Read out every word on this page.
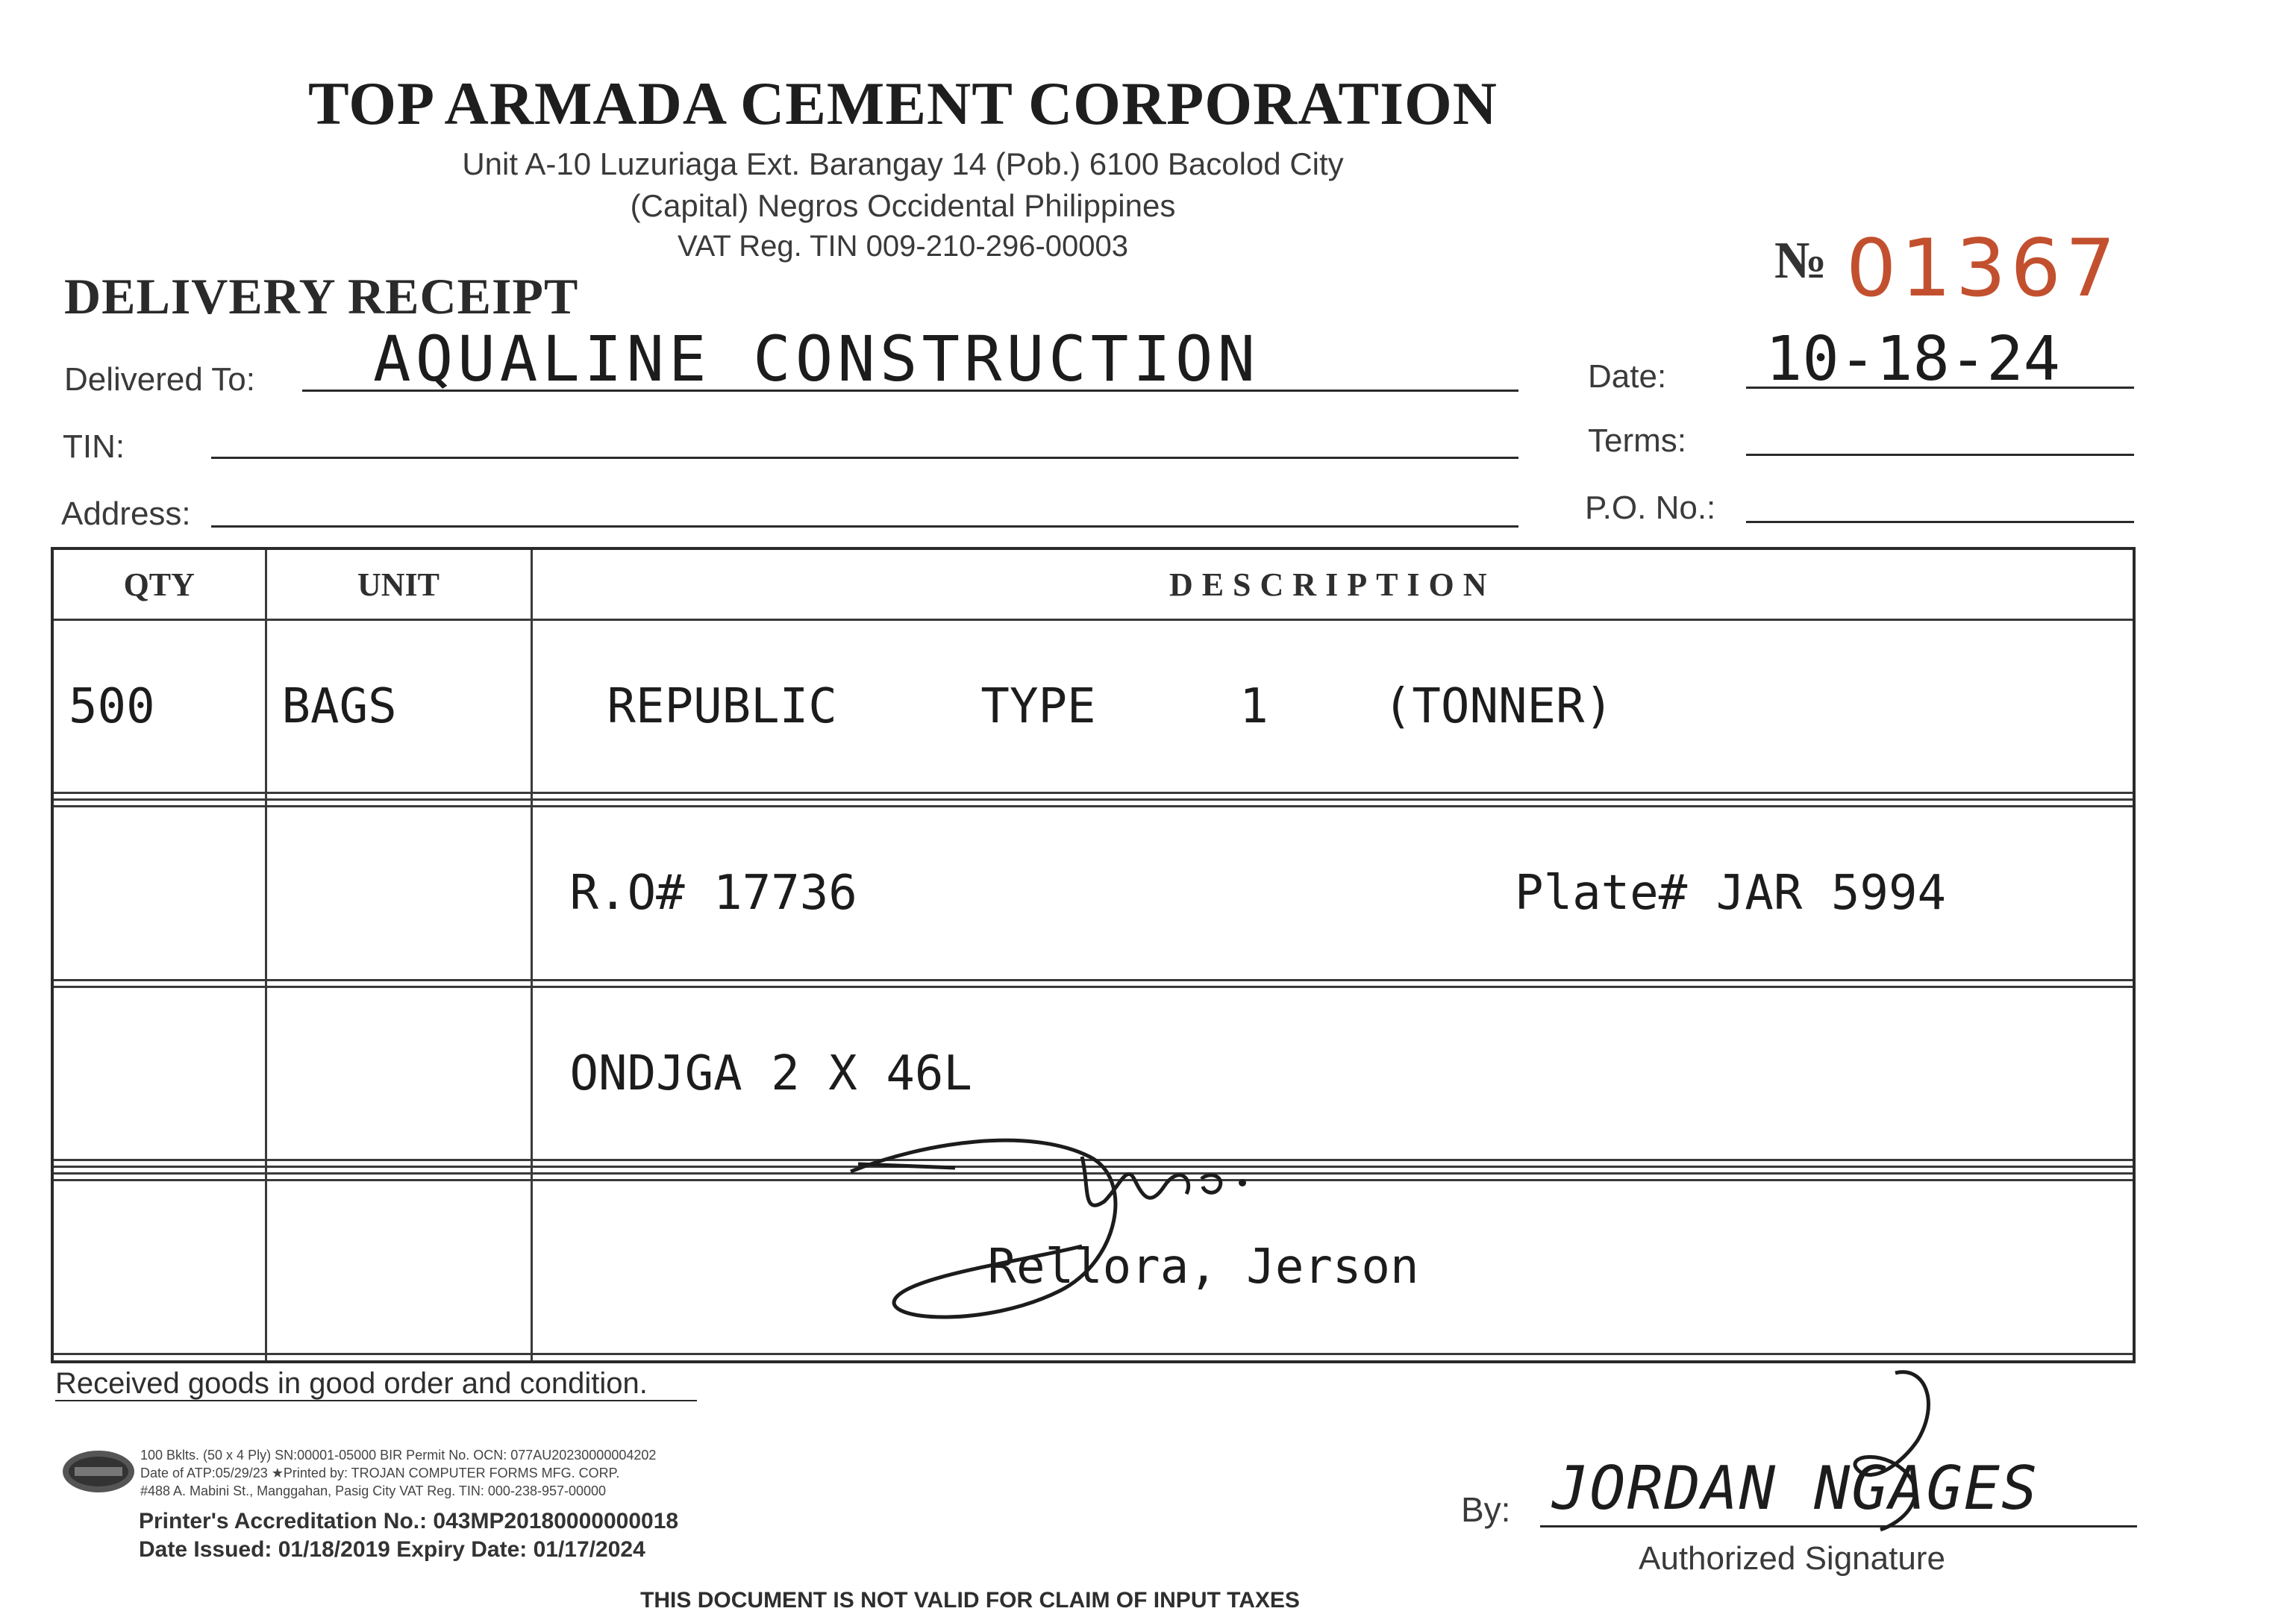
TOP ARMADA CEMENT CORPORATION
Unit A-10 Luzuriaga Ext. Barangay 14 (Pob.) 6100 Bacolod City
(Capital) Negros Occidental Philippines
VAT Reg. TIN 009-210-296-00003
DELIVERY RECEIPT
№ 01367
Delivered To: AQUALINE CONSTRUCTION
TIN:
Address:
Date: 10-18-24
Terms:
P.O. No.:
QTY	UNIT	DESCRIPTION
500	BAGS	REPUBLIC     TYPE     1    (TONNER)

		R.O# 17736 Plate# JAR 5994

		ONDJGA 2 X 46L

		Rellora, Jerson

Received goods in good order and condition.
100 Bklts. (50 x 4 Ply) SN:00001-05000 BIR Permit No. OCN: 077AU20230000004202
Date of ATP:05/29/23 ★Printed by: TROJAN COMPUTER FORMS MFG. CORP.
#488 A. Mabini St., Manggahan, Pasig City VAT Reg. TIN: 000-238-957-00000
Printer's Accreditation No.: 043MP20180000000018
Date Issued: 01/18/2019 Expiry Date: 01/17/2024
By: JORDAN NGAGES
Authorized Signature
THIS DOCUMENT IS NOT VALID FOR CLAIM OF INPUT TAXES
